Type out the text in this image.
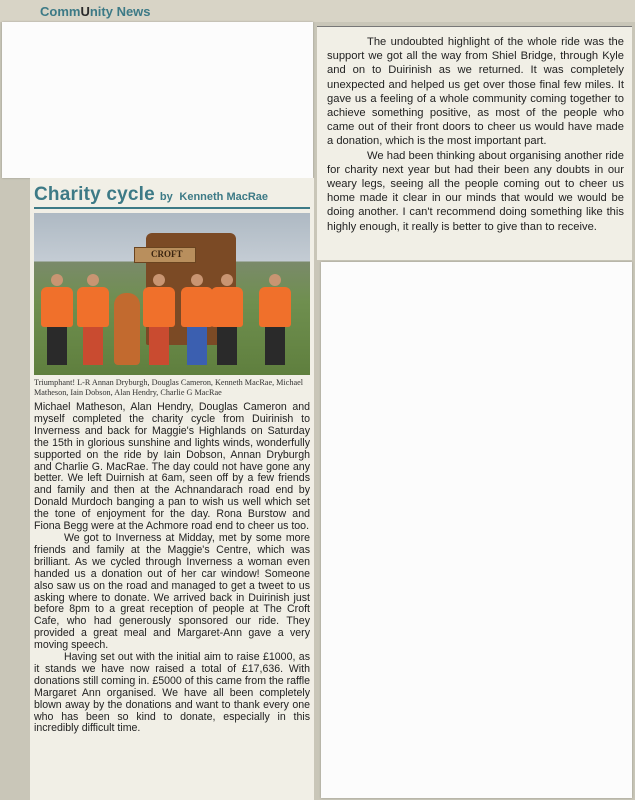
CommUnity News

The undoubted highlight of the whole ride was the support we got all the way from Shiel Bridge, through Kyle and on to Duirinish as we returned. It was completely unexpected and helped us get over those final few miles. It gave us a feeling of a whole community coming together to achieve something positive, as most of the people who came out of their front doors to cheer us would have made a donation, which is the most important part.

We had been thinking about organising another ride for charity next year but had their been any doubts in our weary legs, seeing all the people coming out to cheer us home made it clear in our minds that would we would be doing another. I can't recommend doing something like this highly enough, it really is better to give than to receive.

Charity cycle by Kenneth MacRae
CROFT

Triumphant! L-R Annan Dryburgh, Douglas Cameron, Kenneth MacRae, Michael Matheson, Iain Dobson, Alan Hendry, Charlie G MacRae

Michael Matheson, Alan Hendry, Douglas Cameron and myself completed the charity cycle from Duirinish to Inverness and back for Maggie's Highlands on Saturday the 15th in glorious sunshine and lights winds, wonderfully supported on the ride by Iain Dobson, Annan Dryburgh and Charlie G. MacRae. The day could not have gone any better. We left Duirnish at 6am, seen off by a few friends and family and then at the Achnandarach road end by Donald Murdoch banging a pan to wish us well which set the tone of enjoyment for the day. Rona Burstow and Fiona Begg were at the Achmore road end to cheer us too.

We got to Inverness at Midday, met by some more friends and family at the Maggie's Centre, which was brilliant. As we cycled through Inverness a woman even handed us a donation out of her car window! Someone also saw us on the road and managed to get a tweet to us asking where to donate. We arrived back in Duirinish just before 8pm to a great reception of people at The Croft Cafe, who had generously sponsored our ride. They provided a great meal and Margaret-Ann gave a very moving speech.

Having set out with the initial aim to raise £1000, as it stands we have now raised a total of £17,636. With donations still coming in. £5000 of this came from the raffle Margaret Ann organised. We have all been completely blown away by the donations and want to thank every one who has been so kind to donate, especially in this incredibly difficult time.
